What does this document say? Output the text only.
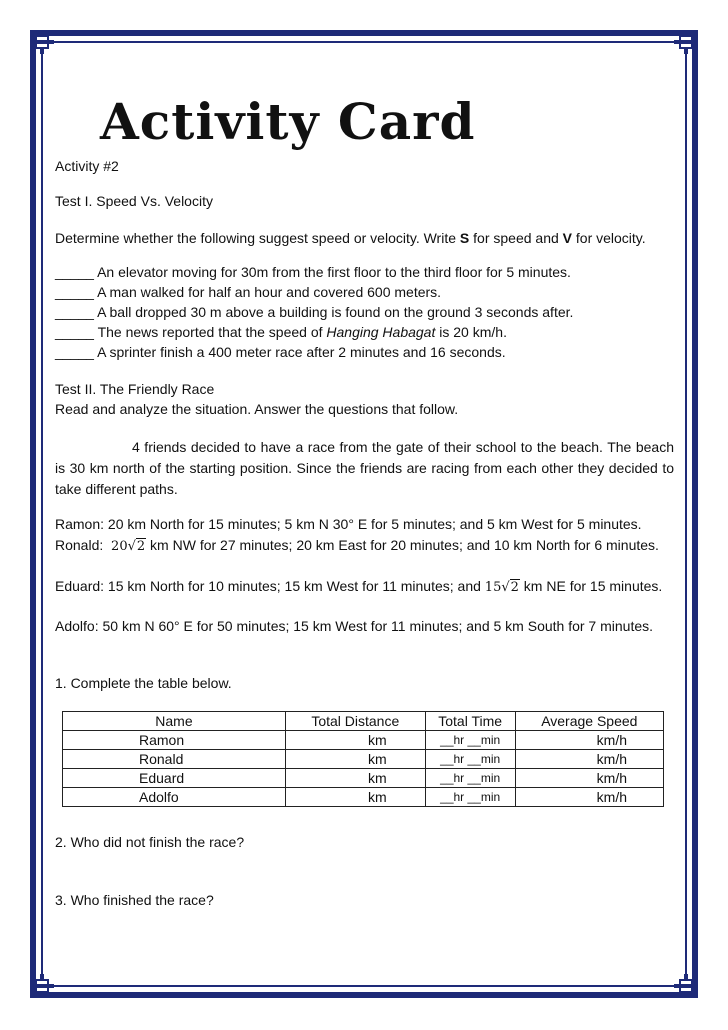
Activity Card
Activity #2
Test I. Speed Vs. Velocity
Determine whether the following suggest speed or velocity. Write S for speed and V for velocity.
_____ An elevator moving for 30m from the first floor to the third floor for 5 minutes.
_____ A man walked for half an hour and covered 600 meters.
_____ A ball dropped 30 m above a building is found on the ground 3 seconds after.
_____ The news reported that the speed of Hanging Habagat is 20 km/h.
_____ A sprinter finish a 400 meter race after 2 minutes and 16 seconds.
Test II. The Friendly Race
Read and analyze the situation. Answer the questions that follow.
4 friends decided to have a race from the gate of their school to the beach. The beach is 30 km north of the starting position. Since the friends are racing from each other they decided to take different paths.
Ramon: 20 km North for 15 minutes; 5 km N 30° E for 5 minutes; and 5 km West for 5 minutes.
Ronald: 20√2 km NW for 27 minutes; 20 km East for 20 minutes; and 10 km North for 6 minutes.
Eduard: 15 km North for 10 minutes; 15 km West for 11 minutes; and 15√2 km NE for 15 minutes.
Adolfo: 50 km N 60° E for 50 minutes; 15 km West for 11 minutes; and 5 km South for 7 minutes.
1. Complete the table below.
Name	Total Distance	Total Time	Average Speed
Ramon	km	__hr __min	km/h
Ronald	km	__hr __min	km/h
Eduard	km	__hr __min	km/h
Adolfo	km	__hr __min	km/h
2. Who did not finish the race?
3. Who finished the race?
